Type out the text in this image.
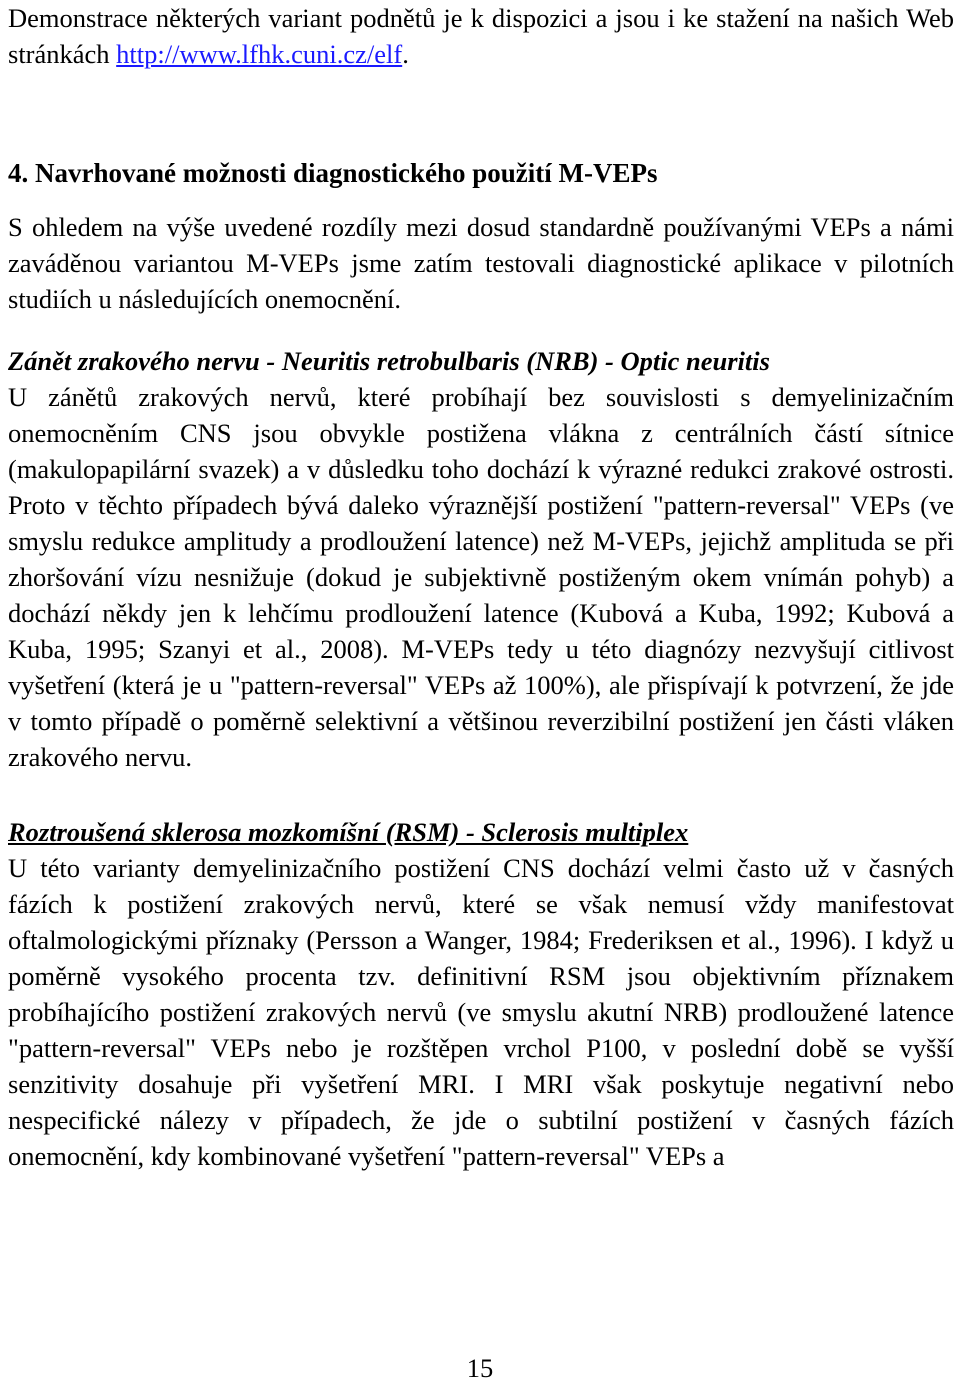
Demonstrace některých variant podnětů je k dispozici a jsou i ke stažení na našich Web stránkách http://www.lfhk.cuni.cz/elf.

4. Navrhované možnosti diagnostického použití M-VEPs

S ohledem na výše uvedené rozdíly mezi dosud standardně používanými VEPs a námi zaváděnou variantou M-VEPs jsme zatím testovali diagnostické aplikace v pilotních studiích u následujících onemocnění.

Zánět zrakového nervu - Neuritis retrobulbaris (NRB) - Optic neuritis

U zánětů zrakových nervů, které probíhají bez souvislosti s demyelinizačním onemocněním CNS jsou obvykle postižena vlákna z centrálních částí sítnice (makulopapilární svazek) a v důsledku toho dochází k výrazné redukci zrakové ostrosti. Proto v těchto případech bývá daleko výraznější postižení "pattern-reversal" VEPs (ve smyslu redukce amplitudy a prodloužení latence) než M-VEPs, jejichž amplituda se při zhoršování vízu nesnižuje (dokud je subjektivně postiženým okem vnímán pohyb) a dochází někdy jen k lehčímu prodloužení latence (Kubová a Kuba, 1992; Kubová a Kuba, 1995; Szanyi et al., 2008). M-VEPs tedy u této diagnózy nezvyšují citlivost vyšetření (která je u "pattern-reversal" VEPs až 100%), ale přispívají k potvrzení, že jde v tomto případě o poměrně selektivní a většinou reverzibilní postižení jen části vláken zrakového nervu.

Roztroušená sklerosa mozkomíšní (RSM) - Sclerosis multiplex

U této varianty demyelinizačního postižení CNS dochází velmi často už v časných fázích k postižení zrakových nervů, které se však nemusí vždy manifestovat oftalmologickými příznaky (Persson a Wanger, 1984; Frederiksen et al., 1996). I když u poměrně vysokého procenta tzv. definitivní RSM jsou objektivním příznakem probíhajícího postižení zrakových nervů (ve smyslu akutní NRB) prodloužené latence "pattern-reversal" VEPs nebo je rozštěpen vrchol P100, v poslední době se vyšší senzitivity dosahuje při vyšetření MRI. I MRI však poskytuje negativní nebo nespecifické nálezy v případech, že jde o subtilní postižení v časných fázích onemocnění, kdy kombinované vyšetření "pattern-reversal" VEPs a

15
